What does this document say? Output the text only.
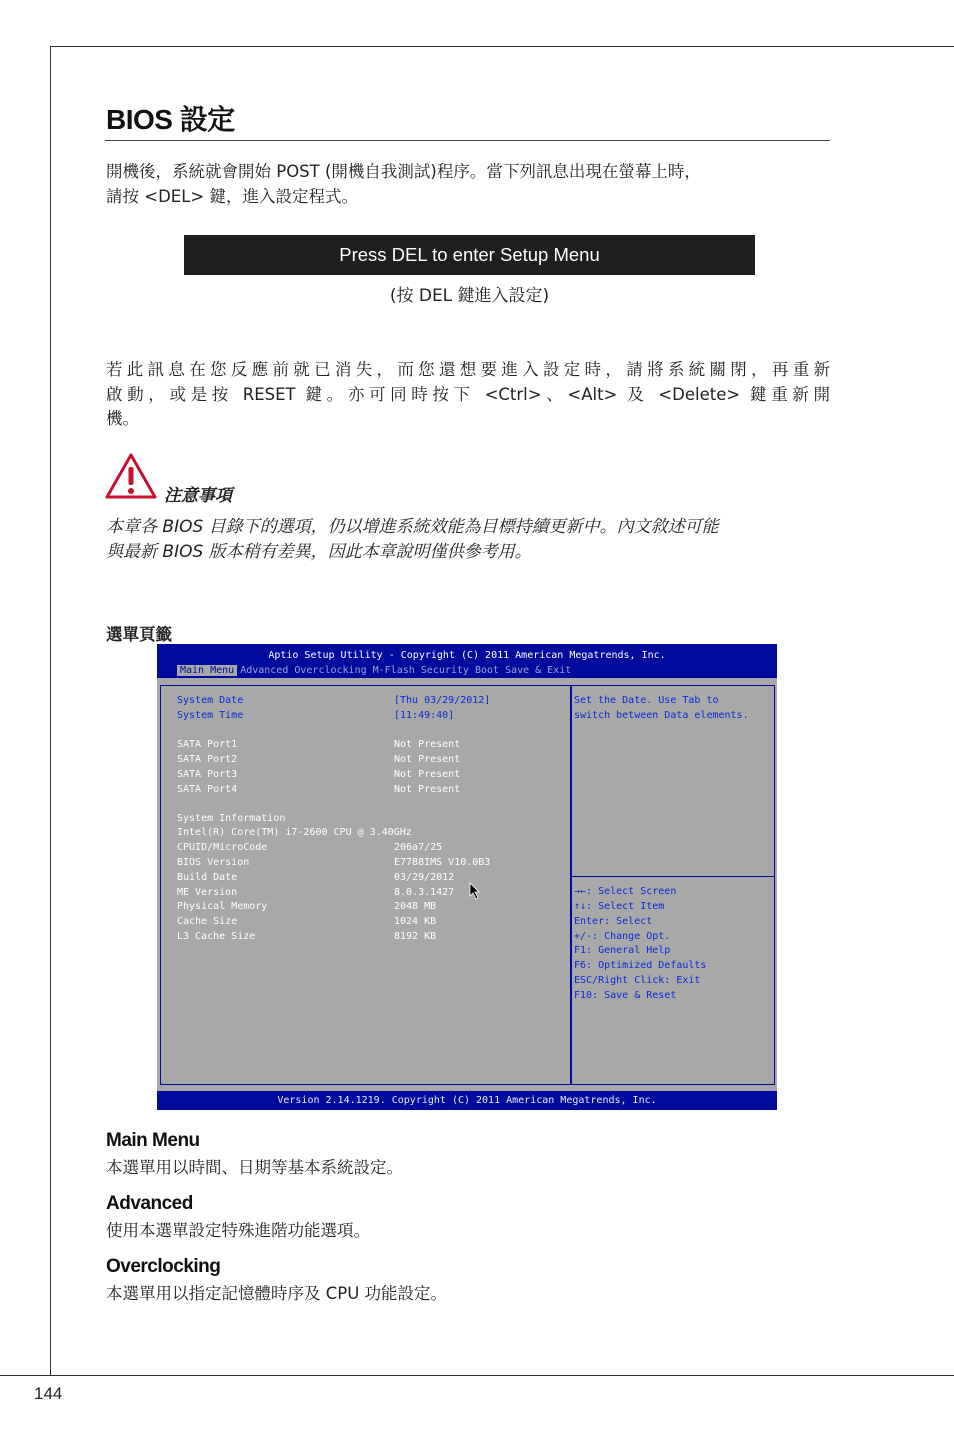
BIOS 設定
開機後，系統就會開始 POST (開機自我測試)程序。當下列訊息出現在螢幕上時，
請按 <DEL> 鍵，進入設定程式。
Press DEL to enter Setup Menu
(按 DEL 鍵進入設定)
若此訊息在您反應前就已消失，而您還想要進入設定時，請將系統關閉，再重新
啟動，或是按 RESET 鍵。亦可同時按下 <Ctrl>、<Alt> 及 <Delete> 鍵重新開
機。
注意事項
本章各 BIOS 目錄下的選項，仍以增進系統效能為目標持續更新中。內文敘述可能
與最新 BIOS 版本稍有差異，因此本章說明僅供參考用。
選單頁籤
Aptio Setup Utility - Copyright (C) 2011 American Megatrends, Inc.
Main Menu Advanced Overclocking M-Flash Security Boot Save & Exit
System Date	[Thu 03/29/2012]
System Time	[11:49:40]
SATA Port1	Not Present
SATA Port2	Not Present
SATA Port3	Not Present
SATA Port4	Not Present
System Information
Intel(R) Core(TM) i7-2600 CPU @ 3.40GHz
CPUID/MicroCode	206a7/25
BIOS Version	E7788IMS V10.0B3
Build Date	03/29/2012
ME Version	8.0.3.1427
Physical Memory	2048 MB
Cache Size	1024 KB
L3 Cache Size	8192 KB
Set the Date. Use Tab to
switch between Data elements.
→←: Select Screen
↑↓: Select Item
Enter: Select
+/-: Change Opt.
F1: General Help
F6: Optimized Defaults
ESC/Right Click: Exit
F10: Save & Reset
Version 2.14.1219. Copyright (C) 2011 American Megatrends, Inc.
Main Menu
本選單用以時間、日期等基本系統設定。
Advanced
使用本選單設定特殊進階功能選項。
Overclocking
本選單用以指定記憶體時序及 CPU 功能設定。
144
